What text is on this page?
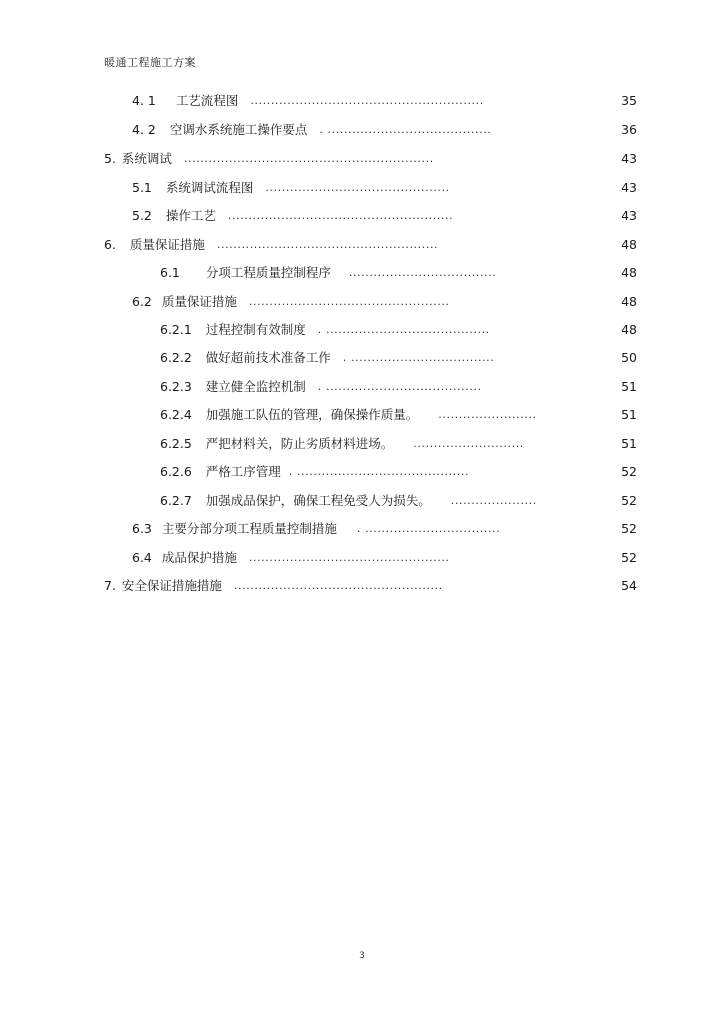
暖通工程施工方案
4. 1 工艺流程图 .........................................................	35
4. 2 空调水系统施工操作要点 . ........................................	36
5. 系统调试 .............................................................	43
5.1 系统调试流程图 .............................................	43
5.2 操作工艺 .......................................................	43
6. 质量保证措施 ......................................................	48
6.1 分项工程质量控制程序 ....................................	48
6.2 质量保证措施 .................................................	48
6.2.1 过程控制有效制度 . ........................................	48
6.2.2 做好超前技术准备工作 . ...................................	50
6.2.3 建立健全监控机制 . ......................................	51
6.2.4 加强施工队伍的管理，确保操作质量。 ........................	51
6.2.5 严把材料关，防止劣质材料进场。 ...........................	51
6.2.6 严格工序管理 . ..........................................	52
6.2.7 加强成品保护，确保工程免受人为损失。 .....................	52
6.3 主要分部分项工程质量控制措施 . .................................	52
6.4 成品保护措施 .................................................	52
7. 安全保证措施措施 ...................................................	54
3
